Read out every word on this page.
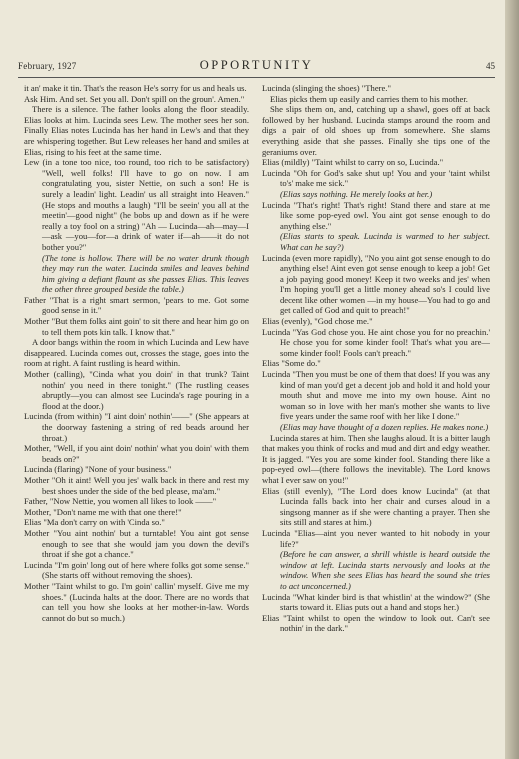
February, 1927	OPPORTUNITY	45

it an' make it tin. That's the reason He's sorry for us and heals us.

Ask Him. And set. Set you all. Don't spill on the groun'. Amen."

There is a silence. The father looks along the floor steadily. Elias looks at him. Lucinda sees Lew. The mother sees her son. Finally Elias notes Lucinda has her hand in Lew's and that they are whispering together. But Lew releases her hand and smiles at Elias, rising to his feet at the same time.

Lew (in a tone too nice, too round, too rich to be satisfactory) "Well, well folks! I'll have to go on now. I am congratulating you, sister Nettie, on such a son! He is surely a leadin' light. Leadin' us all straight into Heaven." (He stops and mouths a laugh) "I'll be seein' you all at the meetin'—good night" (he bobs up and down as if he were really a toy fool on a string) "Ah — Lucinda—ah—may—I—ask —you—for—a drink of water if—ah——it do not bother you?"

(The tone is hollow. There will be no water drunk though they may run the water. Lucinda smiles and leaves behind him giving a defiant flaunt as she passes Elias. This leaves the other three grouped beside the table.)

Father "That is a right smart sermon, 'pears to me. Got some good sense in it."

Mother "But them folks aint goin' to sit there and hear him go on to tell them pots kin talk. I know that."

A door bangs within the room in which Lucinda and Lew have disappeared. Lucinda comes out, crosses the stage, goes into the room at right. A faint rustling is heard within.

Mother (calling), "Cinda what you doin' in that trunk? Taint nothin' you need in there tonight." (The rustling ceases abruptly—you can almost see Lucinda's rage pouring in a flood at the door.)

Lucinda (from within) "I aint doin' nothin'——" (She appears at the doorway fastening a string of red beads around her throat.)

Mother, "Well, if you aint doin' nothin' what you doin' with them beads on?"

Lucinda (flaring) "None of your business."

Mother "Oh it aint! Well you jes' walk back in there and rest my best shoes under the side of the bed please, ma'am."

Father, "Now Nettie, you women all likes to look ——"

Mother, "Don't name me with that one there!"

Elias "Ma don't carry on with 'Cinda so."

Mother "You aint nothin' but a turntable! You aint got sense enough to see that she would jam you down the devil's throat if she got a chance."

Lucinda "I'm goin' long out of here where folks got some sense." (She starts off without removing the shoes).

Mother "Taint whilst to go. I'm goin' callin' myself. Give me my shoes." (Lucinda halts at the door. There are no words that can tell you how she looks at her mother-in-law. Words cannot do but so much.)

Lucinda (slinging the shoes) "There."

Elias picks them up easily and carries them to his mother.

She slips them on, and, catching up a shawl, goes off at back followed by her husband. Lucinda stamps around the room and digs a pair of old shoes up from somewhere. She slams everything aside that she passes. Finally she tips one of the geraniums over.

Elias (mildly) "Taint whilst to carry on so, Lucinda."

Lucinda "Oh for God's sake shut up! You and your 'taint whilst to's' make me sick."

(Elias says nothing. He merely looks at her.)

Lucinda "That's right! That's right! Stand there and stare at me like some pop-eyed owl. You aint got sense enough to do anything else."

(Elias starts to speak. Lucinda is warmed to her subject. What can he say?)

Lucinda (even more rapidly), "No you aint got sense enough to do anything else! Aint even got sense enough to keep a job! Get a job paying good money! Keep it two weeks and jes' when I'm hoping you'll get a little money ahead so's I could live decent like other women —in my house—You had to go and get called of God and quit to preach!"

Elias (evenly), "God chose me."

Lucinda "Yas God chose you. He aint chose you for no preachin.' He chose you for some kinder fool! That's what you are—some kinder fool! Fools can't preach."

Elias "Some do."

Lucinda "Then you must be one of them that does! If you was any kind of man you'd get a decent job and hold it and hold your mouth shut and move me into my own house. Aint no woman so in love with her man's mother she wants to live five years under the same roof with her like I done."

(Elias may have thought of a dozen replies. He makes none.)

Lucinda stares at him. Then she laughs aloud. It is a bitter laugh that makes you think of rocks and mud and dirt and edgy weather. It is jagged. "Yes you are some kinder fool. Standing there like a pop-eyed owl—(there follows the inevitable). The Lord knows what I ever saw on you!"

Elias (still evenly), "The Lord does know Lucinda" (at that Lucinda falls back into her chair and curses aloud in a singsong manner as if she were chanting a prayer. Then she sits still and stares at him.)

Lucinda "Elias—aint you never wanted to hit nobody in your life?"

(Before he can answer, a shrill whistle is heard outside the window at left. Lucinda starts nervously and looks at the window. When she sees Elias has heard the sound she tries to act unconcerned.)

Lucinda "What kinder bird is that whistlin' at the window?" (She starts toward it. Elias puts out a hand and stops her.)

Elias "Taint whilst to open the window to look out. Can't see nothin' in the dark."
